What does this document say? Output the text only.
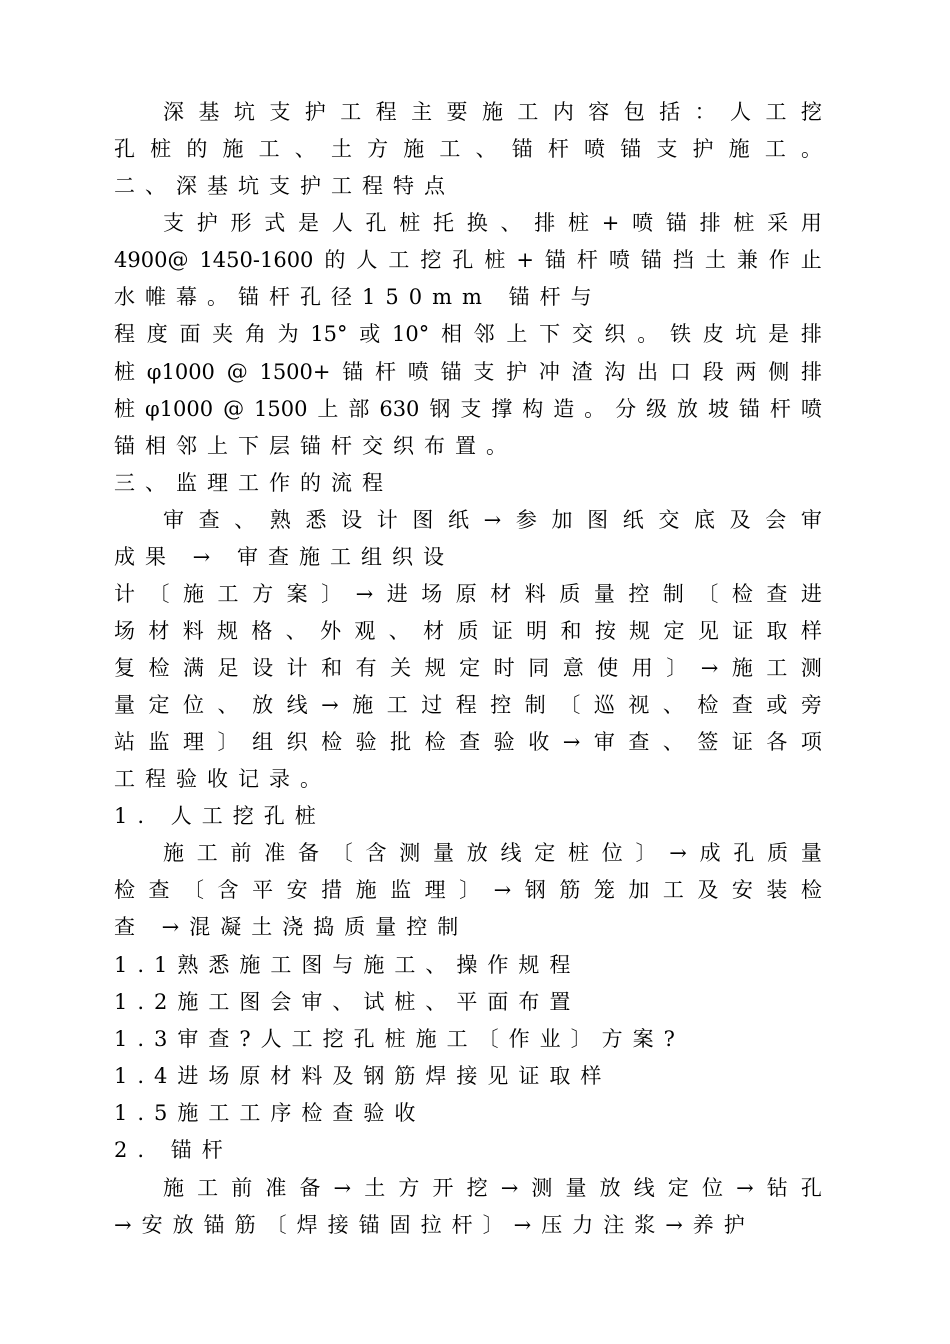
深 基 坑 支 护 工 程 主 要 施 工 内 容 包 括 ： 人 工 挖
孔 桩 的 施 工 、 土 方 施 工 、 锚 杆 喷 锚 支 护 施 工 。
二、深基坑支护工程特点
支 护 形 式 是 人 孔 桩 托 换 、 排 桩 + 喷 锚 排 桩 采 用
4900@ 1450-1600 的 人 工 挖 孔 桩 + 锚 杆 喷 锚 挡 土 兼 作 止
水帷幕。锚杆孔径150mm 锚杆与
程 度 面 夹 角 为 15° 或 10° 相 邻 上 下 交 织 。 铁 皮 坑 是 排
桩 φ1000 @ 1500+ 锚 杆 喷 锚 支 护 冲 渣 沟 出 口 段 两 侧 排
桩 φ1000 @ 1500 上 部 630 钢 支 撑 构 造 。 分 级 放 坡 锚 杆 喷
锚相邻上下层锚杆交织布置。
三、监理工作的流程
审 查 、 熟 悉 设 计 图 纸 → 参 加 图 纸 交 底 及 会 审
成果 → 审查施工组织设
计 〔 施 工 方 案 〕 → 进 场 原 材 料 质 量 控 制 〔 检 查 进
场 材 料 规 格 、 外 观 、 材 质 证 明 和 按 规 定 见 证 取 样
复 检 满 足 设 计 和 有 关 规 定 时 同 意 使 用 〕 → 施 工 测
量 定 位 、 放 线 → 施 工 过 程 控 制 〔 巡 视 、 检 查 或 旁
站 监 理 〕 组 织 检 验 批 检 查 验 收 → 审 查 、 签 证 各 项
工程验收记录。
1. 人工挖孔桩
施 工 前 准 备 〔 含 测 量 放 线 定 桩 位 〕 → 成 孔 质 量
检 查 〔 含 平 安 措 施 监 理 〕 → 钢 筋 笼 加 工 及 安 装 检
查 →混凝土浇捣质量控制
1.1熟悉施工图与施工、操作规程
1.2施工图会审、试桩、平面布置
1.3审查?人工挖孔桩施工〔作业〕方案?
1.4进场原材料及钢筋焊接见证取样
1.5施工工序检查验收
2. 锚杆
施 工 前 准 备 → 土 方 开 挖 → 测 量 放 线 定 位 → 钻 孔
→安放锚筋〔焊接锚固拉杆〕→压力注浆→养护
